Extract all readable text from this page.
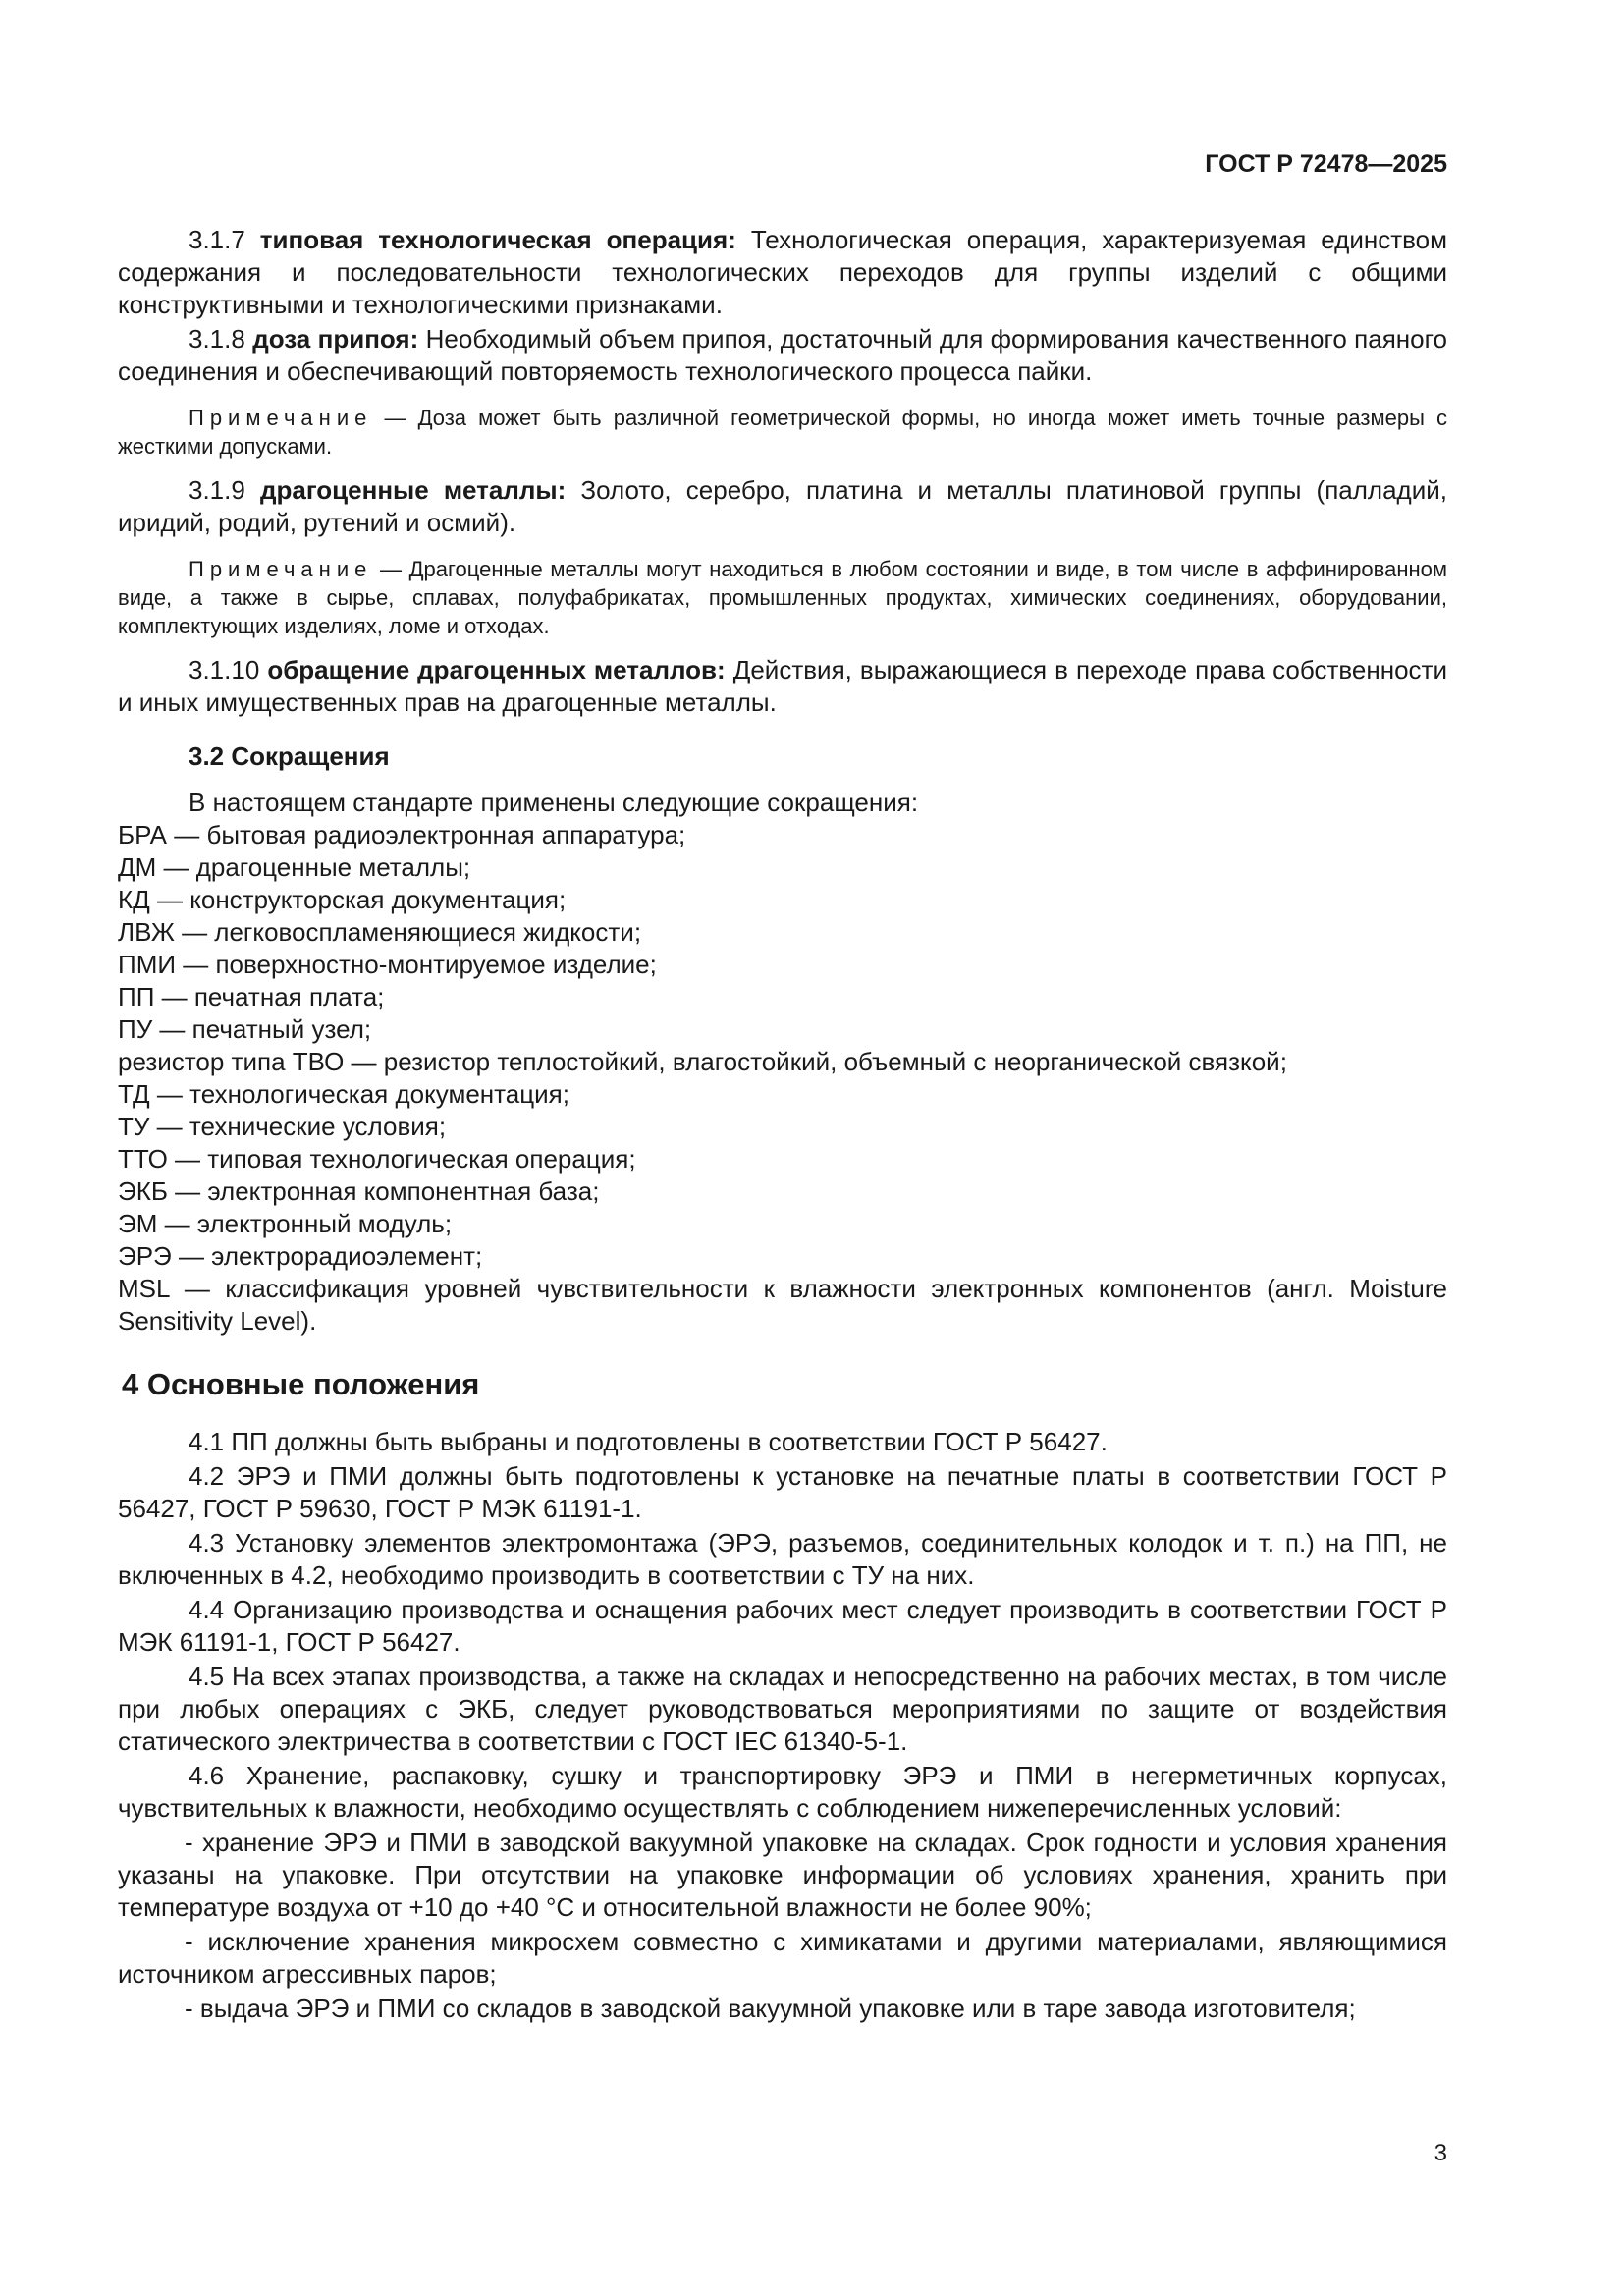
ГОСТ Р 72478—2025

3.1.7 типовая технологическая операция: Технологическая операция, характеризуемая единством содержания и последовательности технологических переходов для группы изделий с общими конструктивными и технологическими признаками.

3.1.8 доза припоя: Необходимый объем припоя, достаточный для формирования качественного паяного соединения и обеспечивающий повторяемость технологического процесса пайки.

Примечание — Доза может быть различной геометрической формы, но иногда может иметь точные размеры с жесткими допусками.

3.1.9 драгоценные металлы: Золото, серебро, платина и металлы платиновой группы (палладий, иридий, родий, рутений и осмий).

Примечание — Драгоценные металлы могут находиться в любом состоянии и виде, в том числе в аффинированном виде, а также в сырье, сплавах, полуфабрикатах, промышленных продуктах, химических соединениях, оборудовании, комплектующих изделиях, ломе и отходах.

3.1.10 обращение драгоценных металлов: Действия, выражающиеся в переходе права собственности и иных имущественных прав на драгоценные металлы.

3.2 Сокращения

В настоящем стандарте применены следующие сокращения:

БРА — бытовая радиоэлектронная аппаратура;

ДМ — драгоценные металлы;

КД — конструкторская документация;

ЛВЖ — легковоспламеняющиеся жидкости;

ПМИ — поверхностно-монтируемое изделие;

ПП — печатная плата;

ПУ — печатный узел;

резистор типа ТВО — резистор теплостойкий, влагостойкий, объемный с неорганической связкой;

ТД — технологическая документация;

ТУ — технические условия;

ТТО — типовая технологическая операция;

ЭКБ — электронная компонентная база;

ЭМ — электронный модуль;

ЭРЭ — электрорадиоэлемент;

MSL — классификация уровней чувствительности к влажности электронных компонентов (англ. Moisture Sensitivity Level).

4 Основные положения

4.1 ПП должны быть выбраны и подготовлены в соответствии ГОСТ Р 56427.

4.2 ЭРЭ и ПМИ должны быть подготовлены к установке на печатные платы в соответствии ГОСТ Р 56427, ГОСТ Р 59630, ГОСТ Р МЭК 61191-1.

4.3 Установку элементов электромонтажа (ЭРЭ, разъемов, соединительных колодок и т. п.) на ПП, не включенных в 4.2, необходимо производить в соответствии с ТУ на них.

4.4 Организацию производства и оснащения рабочих мест следует производить в соответствии ГОСТ Р МЭК 61191-1, ГОСТ Р 56427.

4.5 На всех этапах производства, а также на складах и непосредственно на рабочих местах, в том числе при любых операциях с ЭКБ, следует руководствоваться мероприятиями по защите от воздействия статического электричества в соответствии с ГОСТ IEC 61340-5-1.

4.6 Хранение, распаковку, сушку и транспортировку ЭРЭ и ПМИ в негерметичных корпусах, чувствительных к влажности, необходимо осуществлять с соблюдением нижеперечисленных условий:

- хранение ЭРЭ и ПМИ в заводской вакуумной упаковке на складах. Срок годности и условия хранения указаны на упаковке. При отсутствии на упаковке информации об условиях хранения, хранить при температуре воздуха от +10 до +40 °С и относительной влажности не более 90%;

- исключение хранения микросхем совместно с химикатами и другими материалами, являющимися источником агрессивных паров;

- выдача ЭРЭ и ПМИ со складов в заводской вакуумной упаковке или в таре завода изготовителя;

3
